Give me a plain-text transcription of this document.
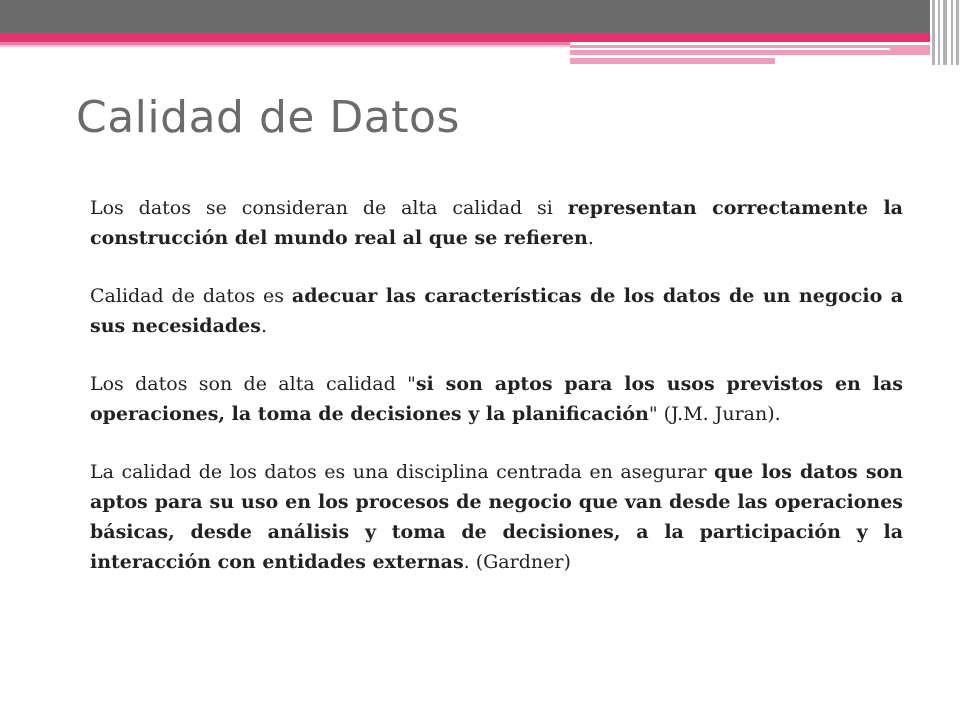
Calidad de Datos

Los datos se consideran de alta calidad si representan correctamente la construcción del mundo real al que se refieren.

Calidad de datos es adecuar las características de los datos de un negocio a sus necesidades.

Los datos son de alta calidad "si son aptos para los usos previstos en las operaciones, la toma de decisiones y la planificación" (J.M. Juran).

La calidad de los datos es una disciplina centrada en asegurar que los datos son aptos para su uso en los procesos de negocio que van desde las operaciones básicas, desde análisis y toma de decisiones, a la participación y la interacción con entidades externas. (Gardner)
